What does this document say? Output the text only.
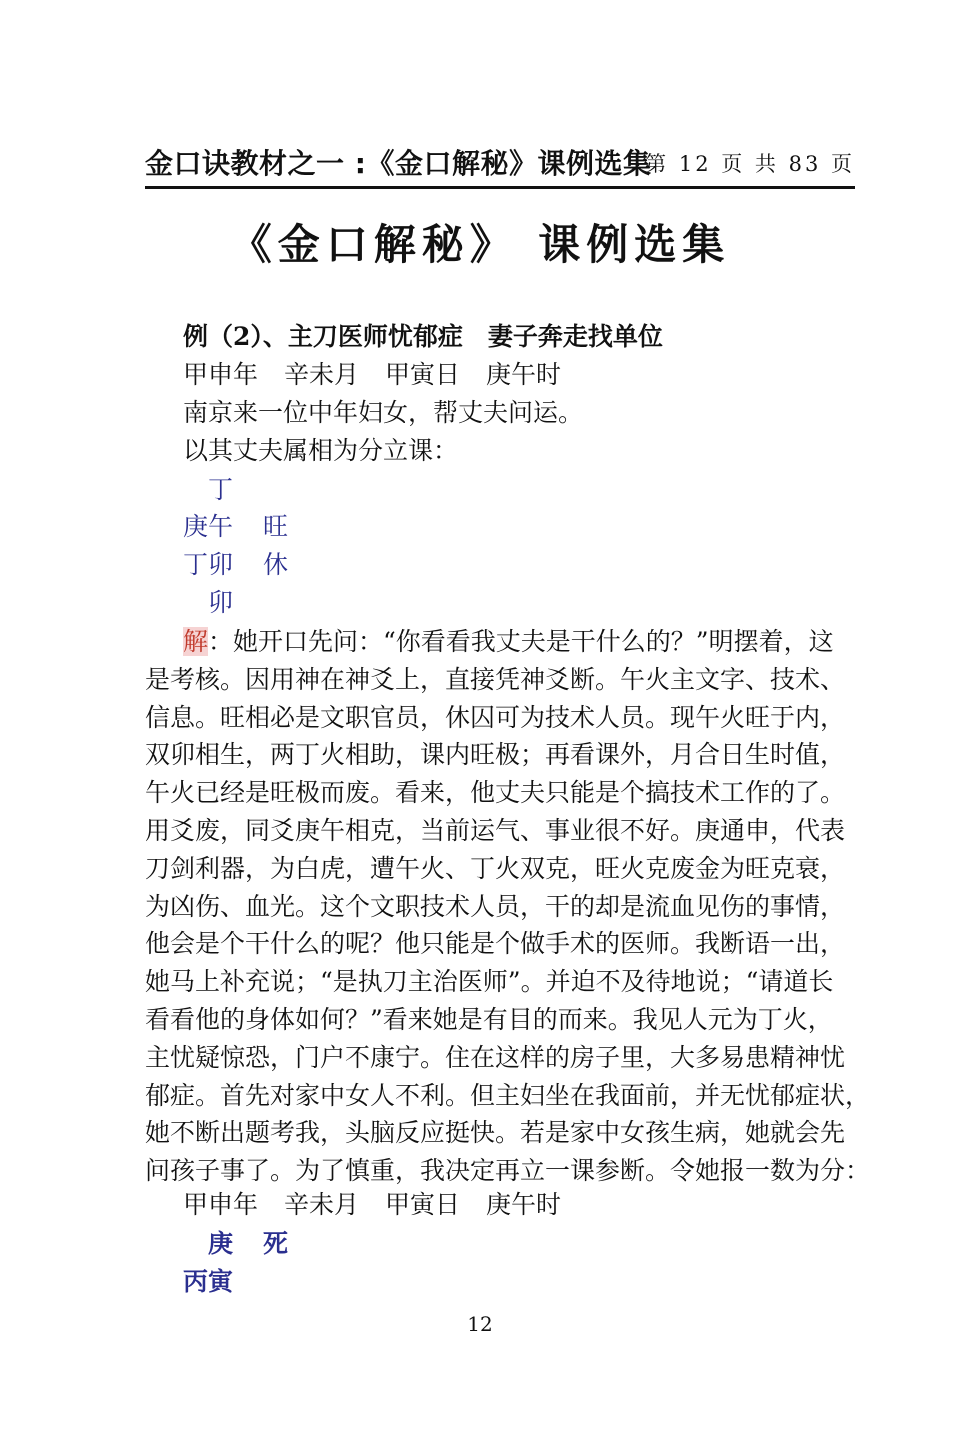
金口诀教材之一 :《金口解秘》课例选集
第 12 页 共 83 页
《金口解秘》 课例选集
例（2）、主刀医师忧郁症　妻子奔走找单位
甲申年 辛未月 甲寅日 庚午时
南京来一位中年妇女，帮丈夫问运。
以其丈夫属相为分立课：
丁
庚午 旺
丁卯 休
卯
解：她开口先问：“你看看我丈夫是干什么的？”明摆着，这
是考核。因用神在神爻上，直接凭神爻断。午火主文字、技术、
信息。旺相必是文职官员，休囚可为技术人员。现午火旺于内，
双卯相生，两丁火相助，课内旺极；再看课外，月合日生时值，
午火已经是旺极而废。看来，他丈夫只能是个搞技术工作的了。
用爻废，同爻庚午相克，当前运气、事业很不好。庚通申，代表
刀剑利器，为白虎，遭午火、丁火双克，旺火克废金为旺克衰，
为凶伤、血光。这个文职技术人员，干的却是流血见伤的事情，
他会是个干什么的呢？他只能是个做手术的医师。我断语一出，
她马上补充说；“是执刀主治医师”。并迫不及待地说；“请道长
看看他的身体如何？”看来她是有目的而来。我见人元为丁火，
主忧疑惊恐，门户不康宁。住在这样的房子里，大多易患精神忧
郁症。首先对家中女人不利。但主妇坐在我面前，并无忧郁症状，
她不断出题考我，头脑反应挺快。若是家中女孩生病，她就会先
问孩子事了。为了慎重，我决定再立一课参断。令她报一数为分：
甲申年 辛未月 甲寅日 庚午时
庚 死
丙寅
12
